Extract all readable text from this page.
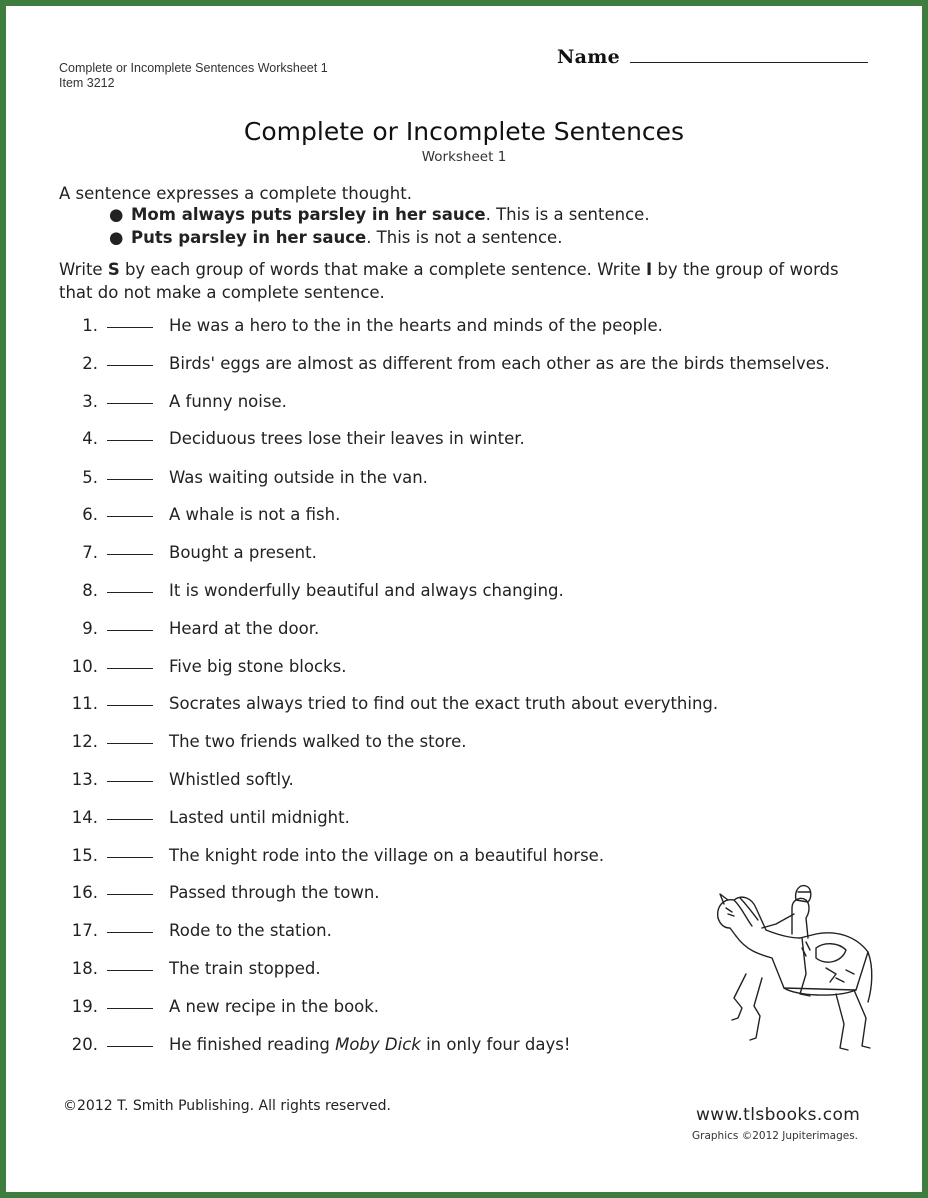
Complete or Incomplete Sentences Worksheet 1
Item 3212
Name
Complete or Incomplete Sentences
Worksheet 1
A sentence expresses a complete thought.
● Mom always puts parsley in her sauce. This is a sentence.
● Puts parsley in her sauce. This is not a sentence.
Write S by each group of words that make a complete sentence. Write I by the group of words that do not make a complete sentence.
1.	He was a hero to the in the hearts and minds of the people.
2.	Birds' eggs are almost as different from each other as are the birds themselves.
3.	A funny noise.
4.	Deciduous trees lose their leaves in winter.
5.	Was waiting outside in the van.
6.	A whale is not a fish.
7.	Bought a present.
8.	It is wonderfully beautiful and always changing.
9.	Heard at the door.
10.	Five big stone blocks.
11.	Socrates always tried to find out the exact truth about everything.
12.	The two friends walked to the store.
13.	Whistled softly.
14.	Lasted until midnight.
15.	The knight rode into the village on a beautiful horse.
16.	Passed through the town.
17.	Rode to the station.
18.	The train stopped.
19.	A new recipe in the book.
20.	He finished reading Moby Dick in only four days!
©2012 T. Smith Publishing. All rights reserved.	www.tlsbooks.com
Graphics ©2012 Jupiterimages.
